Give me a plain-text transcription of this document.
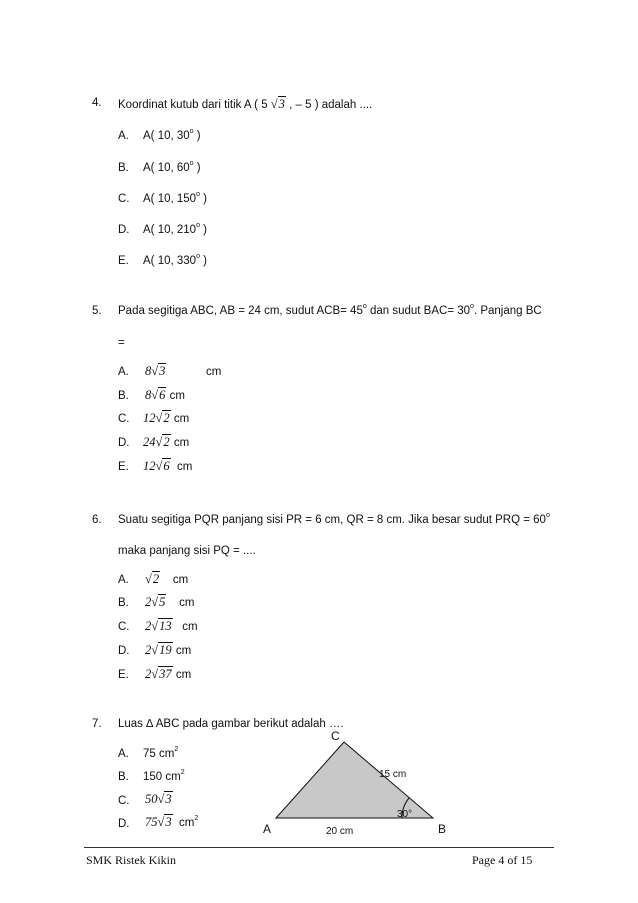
4. Koordinat kutub dari titik A ( 5 √3 , – 5 ) adalah ....
A. A( 10, 30$^o$ )
B. A( 10, 60$^o$ )
C. A( 10, 150$^o$ )
D. A( 10, 210$^o$ )
E. A( 10, 330$^o$ )
5. Pada segitiga ABC, AB = 24 cm, sudut $ACB= 45^o$ dan sudut $BAC= 30^o$. Panjang BC
=
A. 8√3	cm
B. 8√6 cm
C. 12√2 cm
D. 24√2 cm
E. 12√6 cm
6. Suatu segitiga PQR panjang sisi PR = 6 cm, QR = 8 cm. Jika besar sudut PRQ = $60^o$
maka panjang sisi PQ = ....
A. √2 cm
B. 2√5 cm
C. 2√13 cm
D. 2√19 cm
E. 2√37 cm
7. Luas ∆ ABC pada gambar berikut adalah ….
A. 75 $cm^2$
B. 150 $cm^2$
C. 50√3
D. 75√3 $cm^2$
C
A	B
20 cm
15 cm
30°
SMK Ristek Kikin	Page 4 of 15
